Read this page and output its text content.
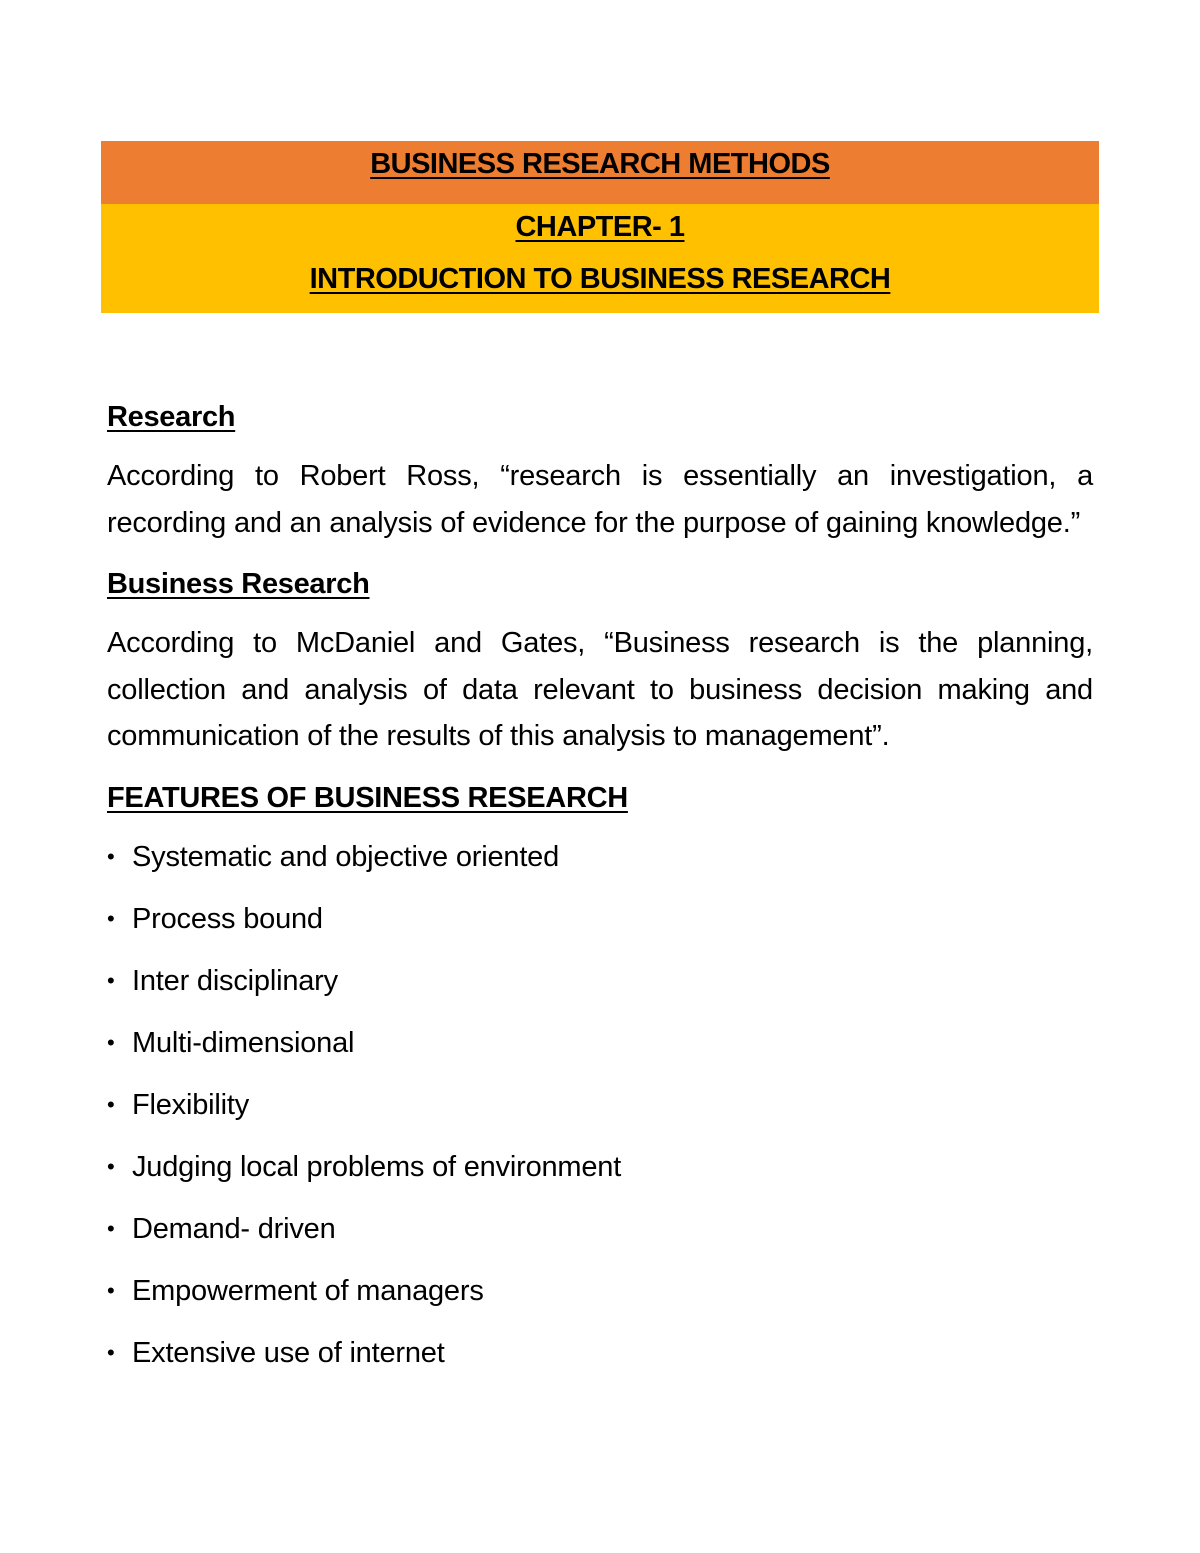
BUSINESS RESEARCH METHODS
CHAPTER- 1
INTRODUCTION TO BUSINESS RESEARCH
Research

According to Robert Ross, “research is essentially an investigation, a recording and an analysis of evidence for the purpose of gaining knowledge.”

Business Research

According to McDaniel and Gates, “Business research is the planning, collection and analysis of data relevant to business decision making and communication of the results of this analysis to management”.

FEATURES OF BUSINESS RESEARCH
• Systematic and objective oriented
• Process bound
• Inter disciplinary
• Multi-dimensional
• Flexibility
• Judging local problems of environment
• Demand- driven
• Empowerment of managers
• Extensive use of internet
